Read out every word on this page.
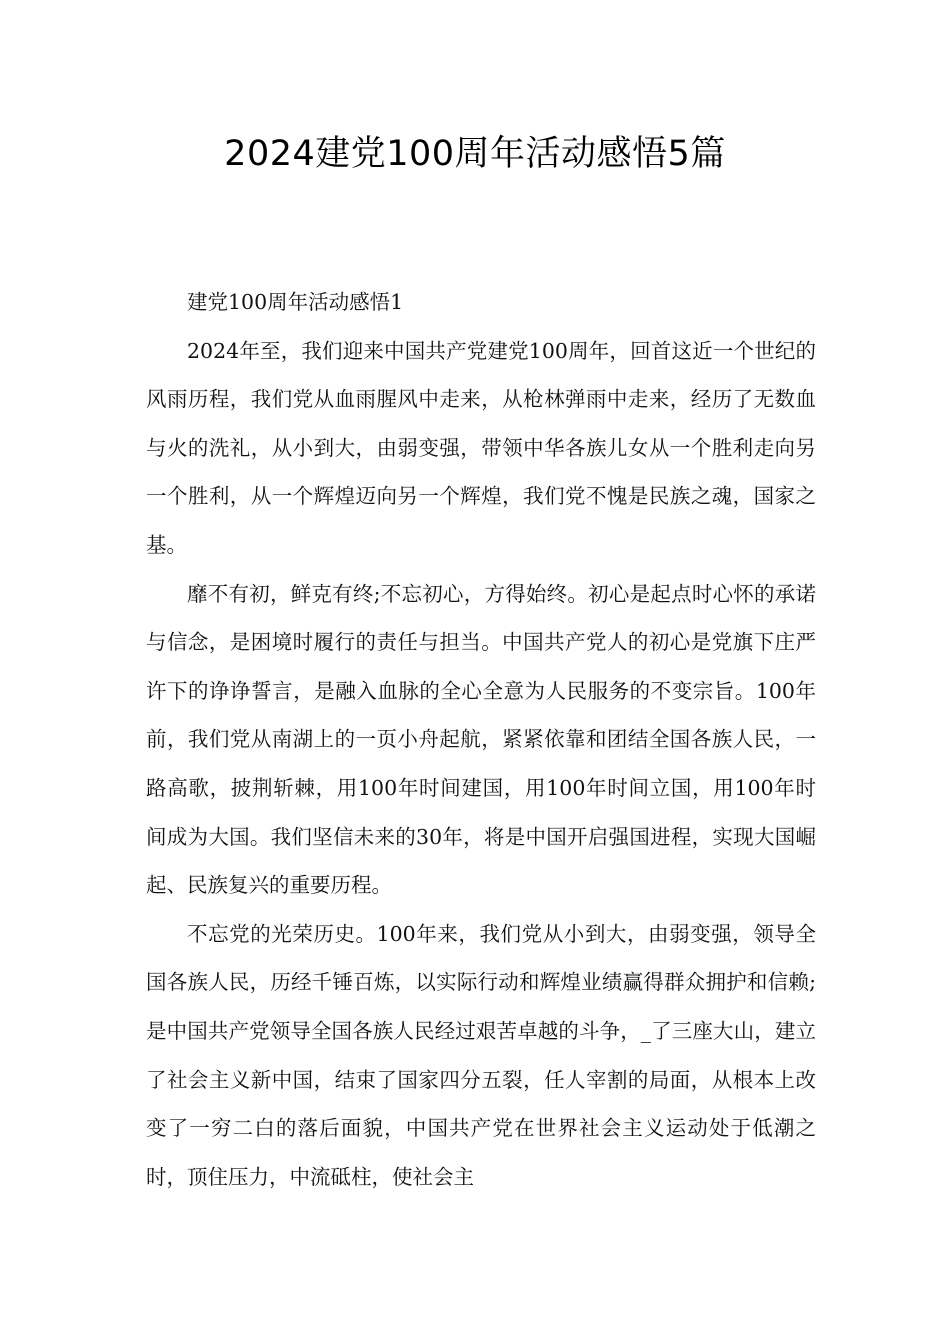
2024建党100周年活动感悟5篇

建党100周年活动感悟1

2024年至，我们迎来中国共产党建党100周年，回首这近一个世纪的风雨历程，我们党从血雨腥风中走来，从枪林弹雨中走来，经历了无数血与火的洗礼，从小到大，由弱变强，带领中华各族儿女从一个胜利走向另一个胜利，从一个辉煌迈向另一个辉煌，我们党不愧是民族之魂，国家之基。

靡不有初，鲜克有终;不忘初心，方得始终。初心是起点时心怀的承诺与信念，是困境时履行的责任与担当。中国共产党人的初心是党旗下庄严许下的诤诤誓言，是融入血脉的全心全意为人民服务的不变宗旨。100年前，我们党从南湖上的一页小舟起航，紧紧依靠和团结全国各族人民，一路高歌，披荆斩棘，用100年时间建国，用100年时间立国，用100年时间成为大国。我们坚信未来的30年，将是中国开启强国进程，实现大国崛起、民族复兴的重要历程。

不忘党的光荣历史。100年来，我们党从小到大，由弱变强，领导全国各族人民，历经千锤百炼，以实际行动和辉煌业绩赢得群众拥护和信赖;是中国共产党领导全国各族人民经过艰苦卓越的斗争，_了三座大山，建立了社会主义新中国，结束了国家四分五裂，任人宰割的局面，从根本上改变了一穷二白的落后面貌，中国共产党在世界社会主义运动处于低潮之时，顶住压力，中流砥柱，使社会主
